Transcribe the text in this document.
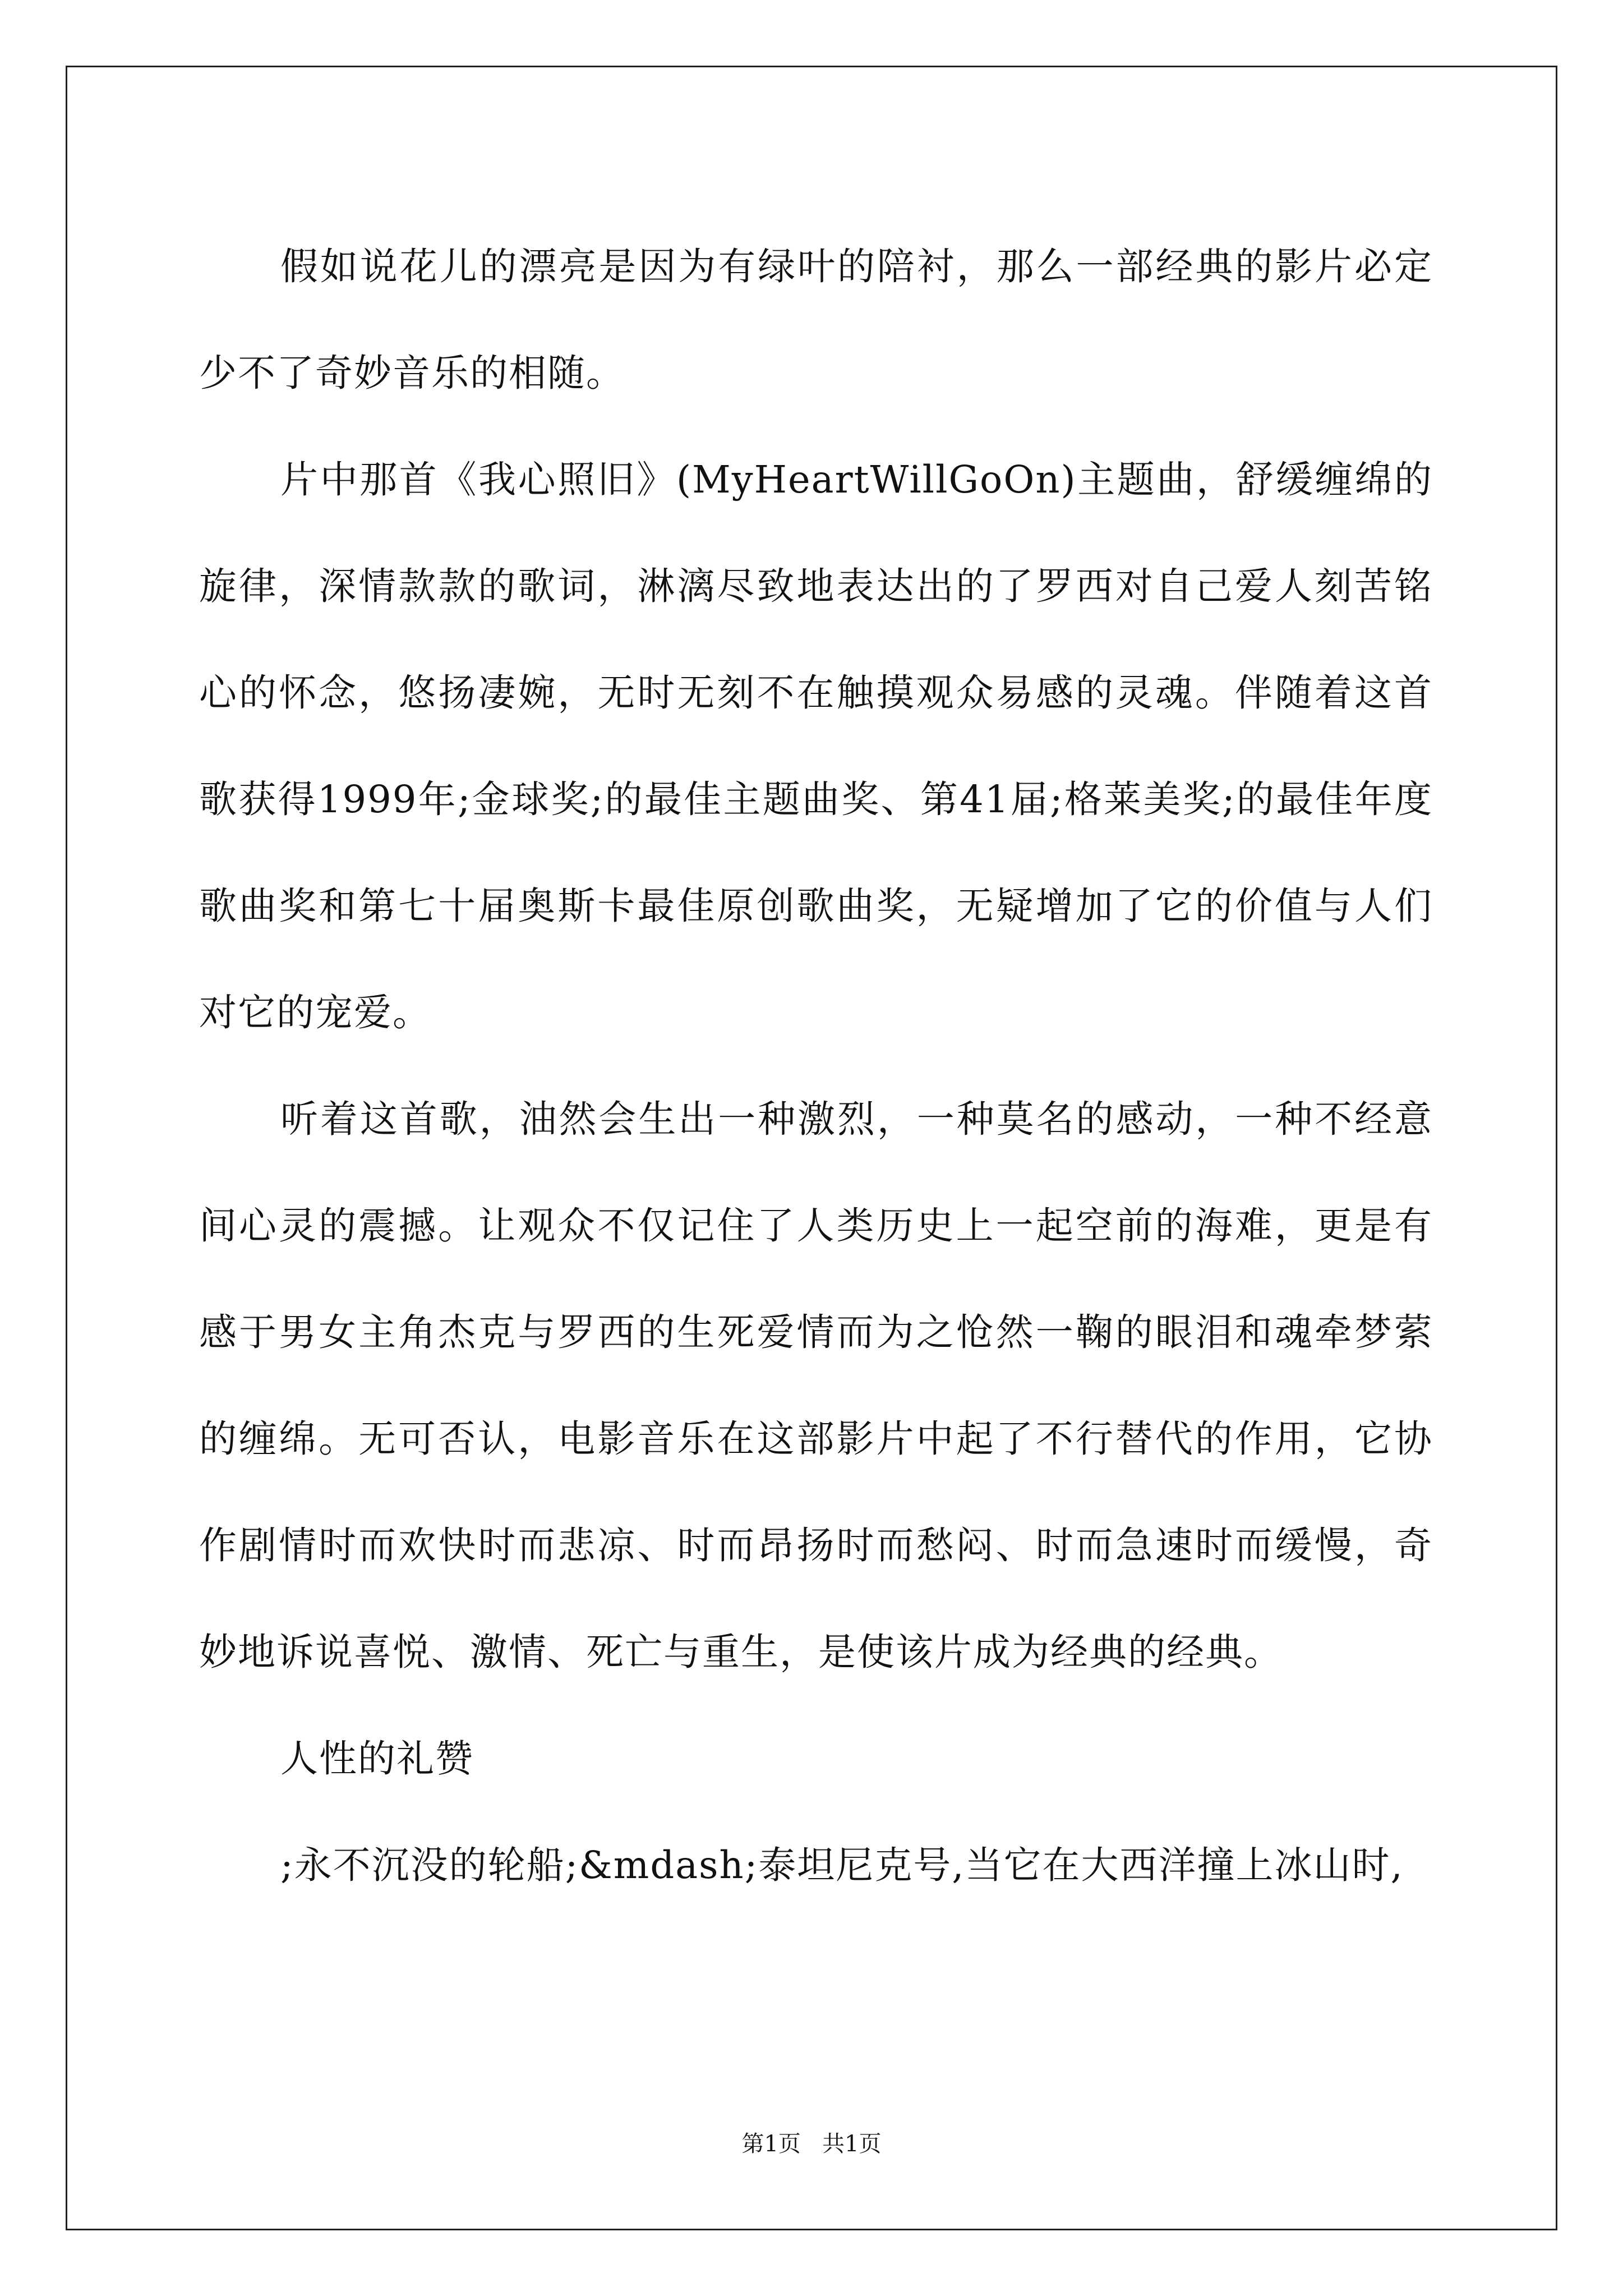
假如说花儿的漂亮是因为有绿叶的陪衬，那么一部经典的影片必定少不了奇妙音乐的相随。

片中那首《我心照旧》(MyHeartWillGoOn)主题曲，舒缓缠绵的旋律，深情款款的歌词，淋漓尽致地表达出的了罗西对自己爱人刻苦铭心的怀念，悠扬凄婉，无时无刻不在触摸观众易感的灵魂。伴随着这首歌获得1999年;金球奖;的最佳主题曲奖、第41届;格莱美奖;的最佳年度歌曲奖和第七十届奥斯卡最佳原创歌曲奖，无疑增加了它的价值与人们对它的宠爱。

听着这首歌，油然会生出一种激烈，一种莫名的感动，一种不经意间心灵的震撼。让观众不仅记住了人类历史上一起空前的海难，更是有感于男女主角杰克与罗西的生死爱情而为之怆然一鞠的眼泪和魂牵梦萦的缠绵。无可否认，电影音乐在这部影片中起了不行替代的作用，它协作剧情时而欢快时而悲凉、时而昂扬时而愁闷、时而急速时而缓慢，奇妙地诉说喜悦、激情、死亡与重生，是使该片成为经典的经典。

人性的礼赞

;永不沉没的轮船;&mdash;泰坦尼克号,当它在大西洋撞上冰山时,

第1页   共1页
